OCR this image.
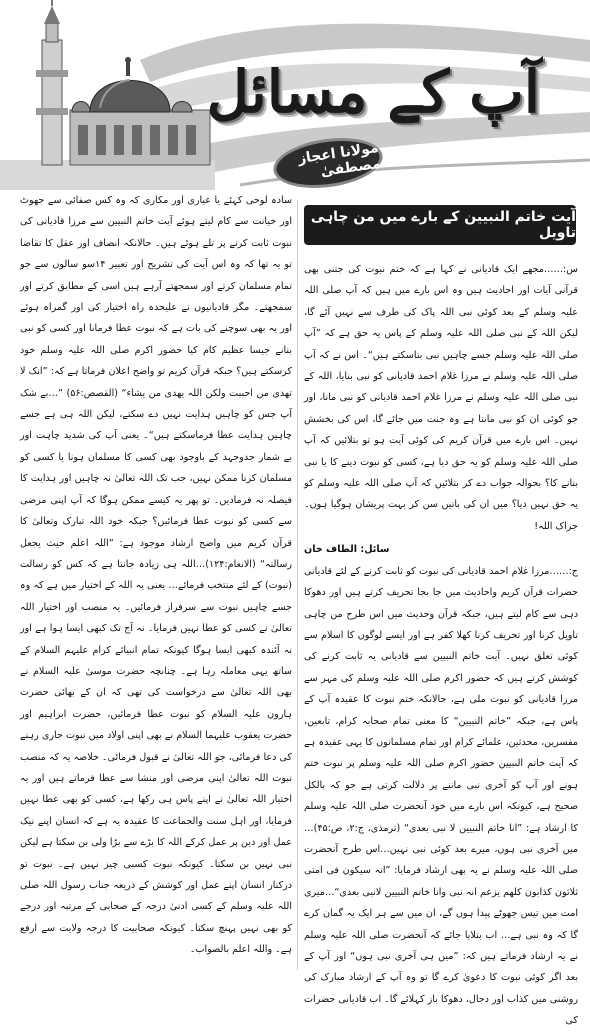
آپ کے مسائل
مولانا اعجاز مصطفیٰ
آیت خاتم النبیین کے بارے میں من چاہی تاویل

س:……مجھے ایک قادیانی نے کہا ہے کہ ختم نبوت کی جتنی بھی قرآنی آیات اور احادیث ہیں وہ اس بارے میں ہیں کہ آپ صلی اللہ علیہ وسلم کے بعد کوئی نبی اللہ پاک کی طرف سے نہیں آئے گا، لیکن اللہ کے نبی صلی اللہ علیہ وسلم کے پاس یہ حق ہے کہ ”آپ صلی اللہ علیہ وسلم جسے چاہیں نبی بناسکتے ہیں“۔ اس نے کہ آپ صلی اللہ علیہ وسلم نے مرزا غلام احمد قادیانی کو نبی بنایا، اللہ کے نبی صلی اللہ علیہ وسلم نے مرزا غلام احمد قادیانی کو نبی مانا، اور جو کوئی ان کو نبی مانتا ہے وہ جنت میں جائے گا، اس کی بخشش نہیں۔ اس بارے میں قرآن کریم کی کوئی آیت ہو تو بتلائیں کہ آپ صلی اللہ علیہ وسلم کو یہ حق دیا ہے، کسی کو نبوت دینے کا یا نبی بنانے کا؟ بحوالہ جواب دے کر بتلائیں کہ آپ صلی اللہ علیہ وسلم کو یہ حق نہیں دیا؟ میں ان کی باتیں سن کر بہت پریشان ہوگیا ہوں۔ جزاک اللہ!

سائل: الطاف خان

ج:……مرزا غلام احمد قادیانی کی نبوت کو ثابت کرنے کے لئے قادیانی حضرات قرآن کریم واحادیث میں جا بجا تحریف کرتے ہیں اور دھوکا دہی سے کام لیتے ہیں، جبکہ قرآن وحدیث میں اس طرح من چاہی تاویل کرنا اور تحریف کرنا کھلا کفر ہے اور ایسے لوگوں کا اسلام سے کوئی تعلق نہیں۔ آیت خاتم النبیین سے قادیانی یہ ثابت کرنے کی کوشش کرتے ہیں کہ حضور اکرم صلی اللہ علیہ وسلم کی مہر سے مرزا قادیانی کو نبوت ملی ہے، حالانکہ ختم نبوت کا عقیدہ آپ کے پاس ہے، جبکہ ”خاتم النبیین“ کا معنی تمام صحابہ کرام، تابعین، مفسرین، محدثین، علمائے کرام اور تمام مسلمانوں کا یہی عقیدہ ہے کہ آیت خاتم النبیین حضور اکرم صلی اللہ علیہ وسلم پر نبوت ختم ہونے اور آپ کو آخری نبی ماننے پر دلالت کرتی ہے جو کہ بالکل صحیح ہے، کیونکہ اس بارے میں خود آنحضرت صلی اللہ علیہ وسلم کا ارشاد ہے: ”انا خاتم النبیین لا نبی بعدی“ (ترمذی، ج:۲، ص:۴۵)…میں آخری نبی ہوں، میرے بعد کوئی نبی نہیں…اس طرح آنحضرت صلی اللہ علیہ وسلم نے یہ بھی ارشاد فرمایا: ”انہ سیکون فی امتی ثلاثون کذابون کلھم یزعم انہ نبی وانا خاتم النبیین لانبی بعدی“…میری امت میں تیس جھوٹے پیدا ہوں گے، ان میں سے ہر ایک یہ گمان کرے گا کہ وہ نبی ہے… اب بتلایا جائے کہ آنحضرت صلی اللہ علیہ وسلم نے یہ ارشاد فرماتے ہیں کہ: ”میں ہی آخری نبی ہوں“ اور آپ کے بعد اگر کوئی نبوت کا دعویٰ کرے گا تو وہ آپ کے ارشاد مبارک کی روشنی میں کذاب اور دجال، دھوکا باز کہلائے گا۔ اب قادیانی حضرات کی

سادہ لوحی کہئے یا عیاری اور مکاری کہ وہ کس صفائی سے جھوٹ اور خیانت سے کام لیتے ہوئے آیت خاتم النبیین سے مرزا قادیانی کی نبوت ثابت کرنے پر تلے ہوئے ہیں۔ حالانکہ انصاف اور عقل کا تقاضا تو یہ تھا کہ وہ اس آیت کی تشریح اور تعبیر ۱۴سو سالوں سے جو تمام مسلمان کرتے اور سمجھتے آرہے ہیں اسی کے مطابق کرتے اور سمجھتے۔ مگر قادیانیوں نے علیحدہ راہ اختیار کی اور گمراہ ہوئے اور یہ بھی سوچنے کی بات ہے کہ نبوت عطا فرمانا اور کسی کو نبی بنانے جیسا عظیم کام کیا حضور اکرم صلی اللہ علیہ وسلم خود کرسکتے ہیں؟ جبکہ قرآن کریم تو واضح اعلان فرماتا ہے کہ: ”انک لا تھدی من احببت ولکن اللہ یھدی من یشاء“ (القصص:۵۶) ”…بے شک آپ جس کو چاہیں ہدایت نہیں دے سکتے، لیکن اللہ ہی ہے جسے چاہیں ہدایت عطا فرماسکتے ہیں“۔ یعنی آپ کی شدید چاہت اور بے شمار جدوجہد کے باوجود بھی کسی کا مسلمان ہونا یا کسی کو مسلمان کرنا ممکن نہیں، جب تک اللہ تعالیٰ نہ چاہیں اور ہدایت کا فیصلہ نہ فرمادیں۔ تو پھر یہ کیسے ممکن ہوگا کہ آپ اپنی مرضی سے کسی کو نبوت عطا فرمائیں؟ جبکہ خود اللہ تبارک وتعالیٰ کا قرآن کریم میں واضح ارشاد موجود ہے: ”اللہ اعلم حیث یجعل رسالتہ“ (الانعام:۱۲۴)…اللہ ہی زیادہ جانتا ہے کہ کس کو رسالت (نبوت) کے لئے منتخب فرمائے… یعنی یہ اللہ کے اختیار میں ہے کہ وہ جسے چاہیں نبوت سے سرفراز فرمائیں۔ یہ منصب اور اختیار اللہ تعالیٰ نے کسی کو عطا نہیں فرمایا۔ نہ آج تک کبھی ایسا ہوا ہے اور نہ آئندہ کبھی ایسا ہوگا کیونکہ تمام انبیائے کرام علیہم السلام کے ساتھ یہی معاملہ رہا ہے۔ چنانچہ حضرت موسیٰ علیہ السلام نے بھی اللہ تعالیٰ سے درخواست کی تھی کہ ان کے بھائی حضرت ہارون علیہ السلام کو نبوت عطا فرمائیں، حضرت ابراہیم اور حضرت یعقوب علیہما السلام نے بھی اپنی اولاد میں نبوت جاری رہنے کی دعا فرمائی، جو اللہ تعالیٰ نے قبول فرمائی۔ خلاصہ یہ کہ منصب نبوت اللہ تعالیٰ اپنی مرضی اور منشا سے عطا فرماتے ہیں اور یہ اختیار اللہ تعالیٰ نے اپنے پاس ہی رکھا ہے، کسی کو بھی عطا نہیں فرمایا، اور اہل سنت والجماعت کا عقیدہ یہ ہے کہ انسان اپنے نیک عمل اور دین پر عمل کرکے اللہ کا بڑے سے بڑا ولی بن سکتا ہے لیکن نبی نہیں بن سکتا۔ کیونکہ نبوت کسبی چیز نہیں ہے۔ نبوت تو درکنار انسان اپنے عمل اور کوشش کے ذریعہ جناب رسول اللہ صلی اللہ علیہ وسلم کے کسی ادنیٰ درجہ کے صحابی کے مرتبہ اور درجے کو بھی نہیں پہنچ سکتا۔ کیونکہ صحابیت کا درجہ ولایت سے ارفع ہے۔ واللہ اعلم بالصواب۔
